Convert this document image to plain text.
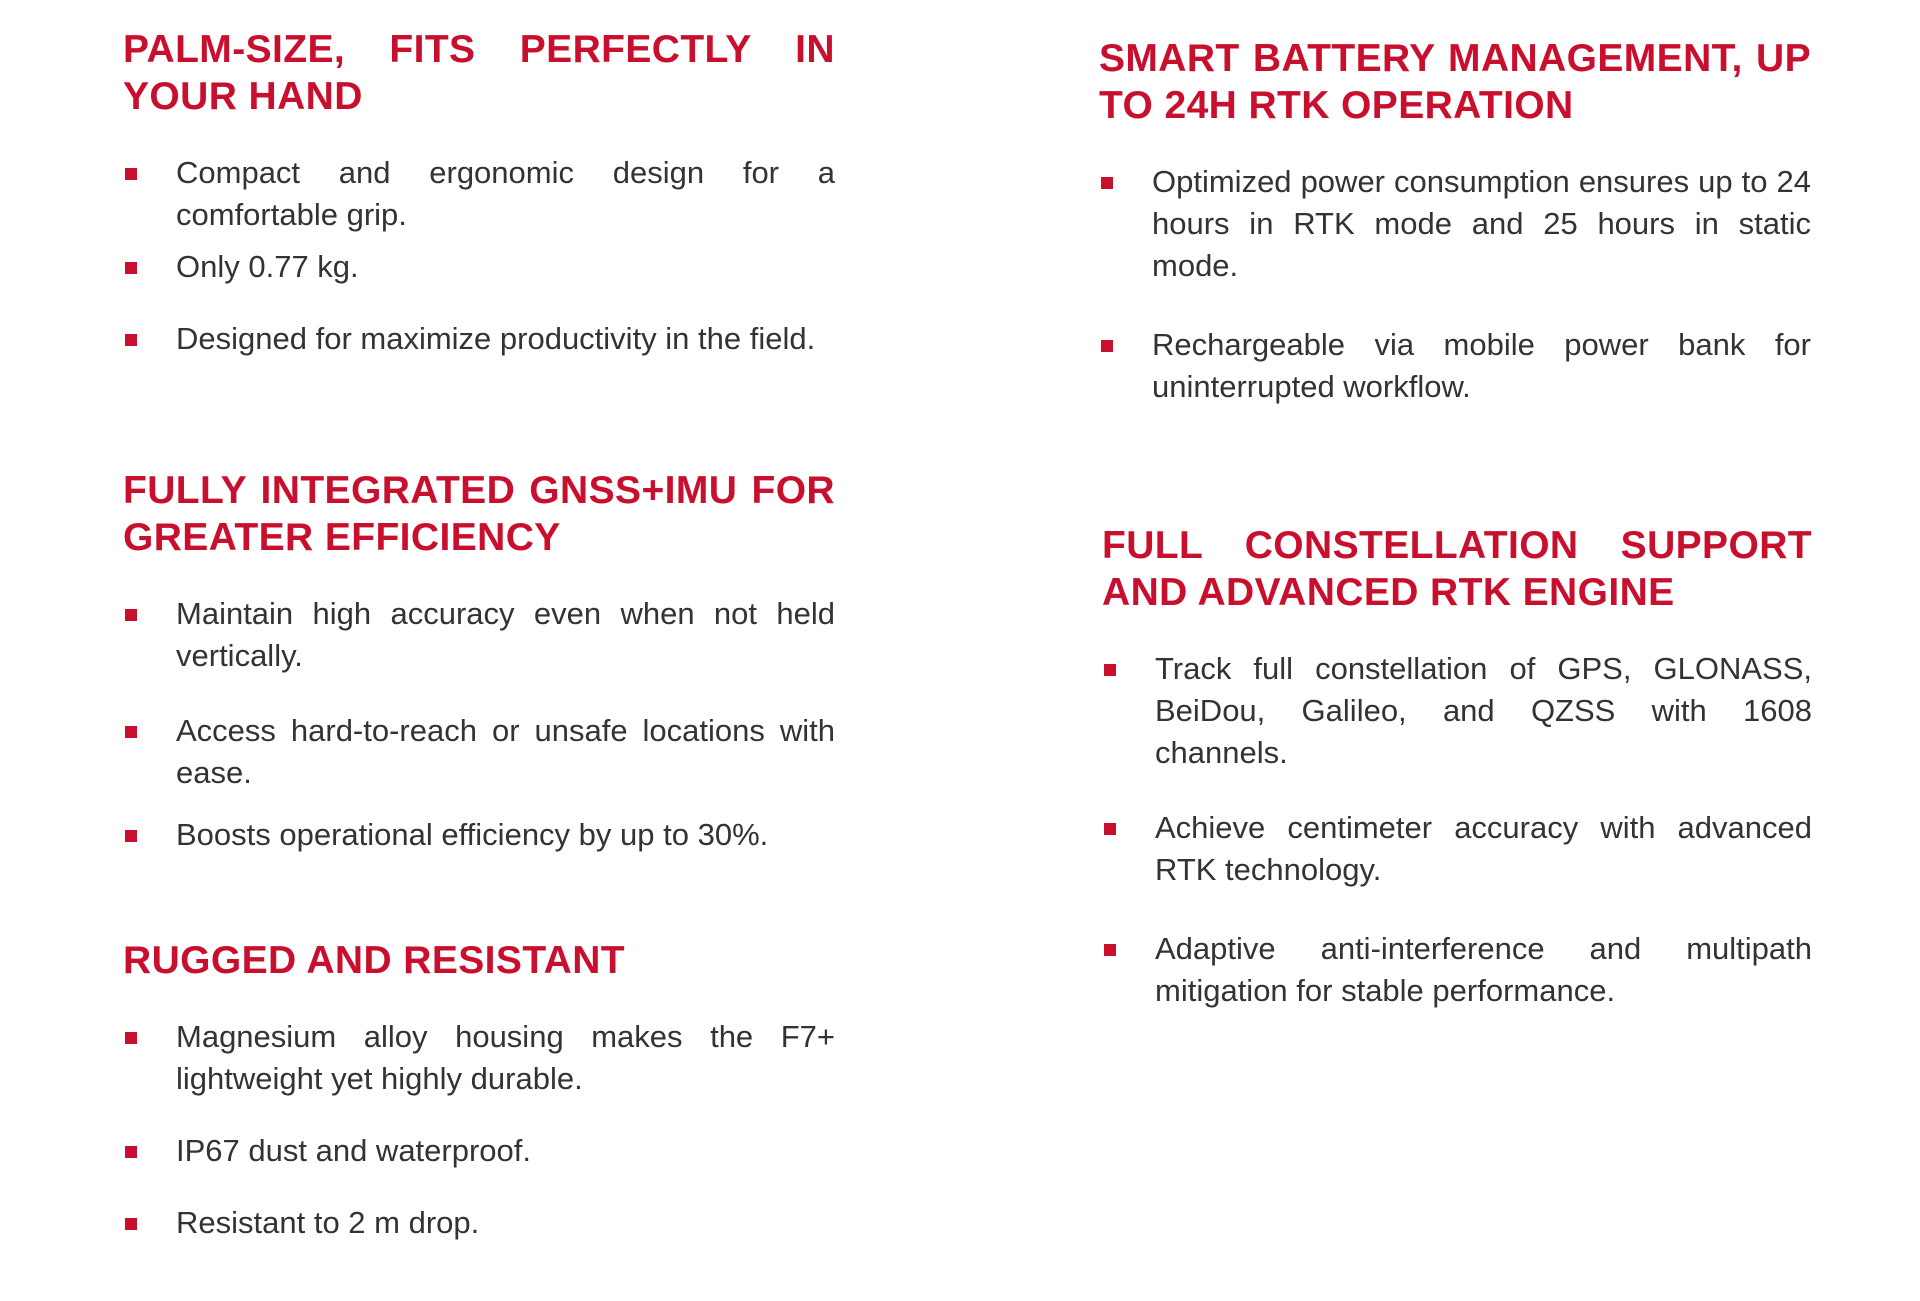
PALM-SIZE, FITS PERFECTLY IN YOUR HAND
Compact and ergonomic design for a comfortable grip.
Only 0.77 kg.
Designed for maximize productivity in the field.
FULLY INTEGRATED GNSS+IMU FOR GREATER EFFICIENCY
Maintain high accuracy even when not held vertically.
Access hard-to-reach or unsafe locations with ease.
Boosts operational efficiency by up to 30%.
RUGGED AND RESISTANT
Magnesium alloy housing makes the F7+ lightweight yet highly durable.
IP67 dust and waterproof.
Resistant to 2 m drop.
SMART BATTERY MANAGEMENT, UP TO 24H RTK OPERATION
Optimized power consumption ensures up to 24 hours in RTK mode and 25 hours in static mode.
Rechargeable via mobile power bank for uninterrupted workflow.
FULL CONSTELLATION SUPPORT AND ADVANCED RTK ENGINE
Track full constellation of GPS, GLONASS, BeiDou, Galileo, and QZSS with 1608 channels.
Achieve centimeter accuracy with advanced RTK technology.
Adaptive anti-interference and multipath mitigation for stable performance.
